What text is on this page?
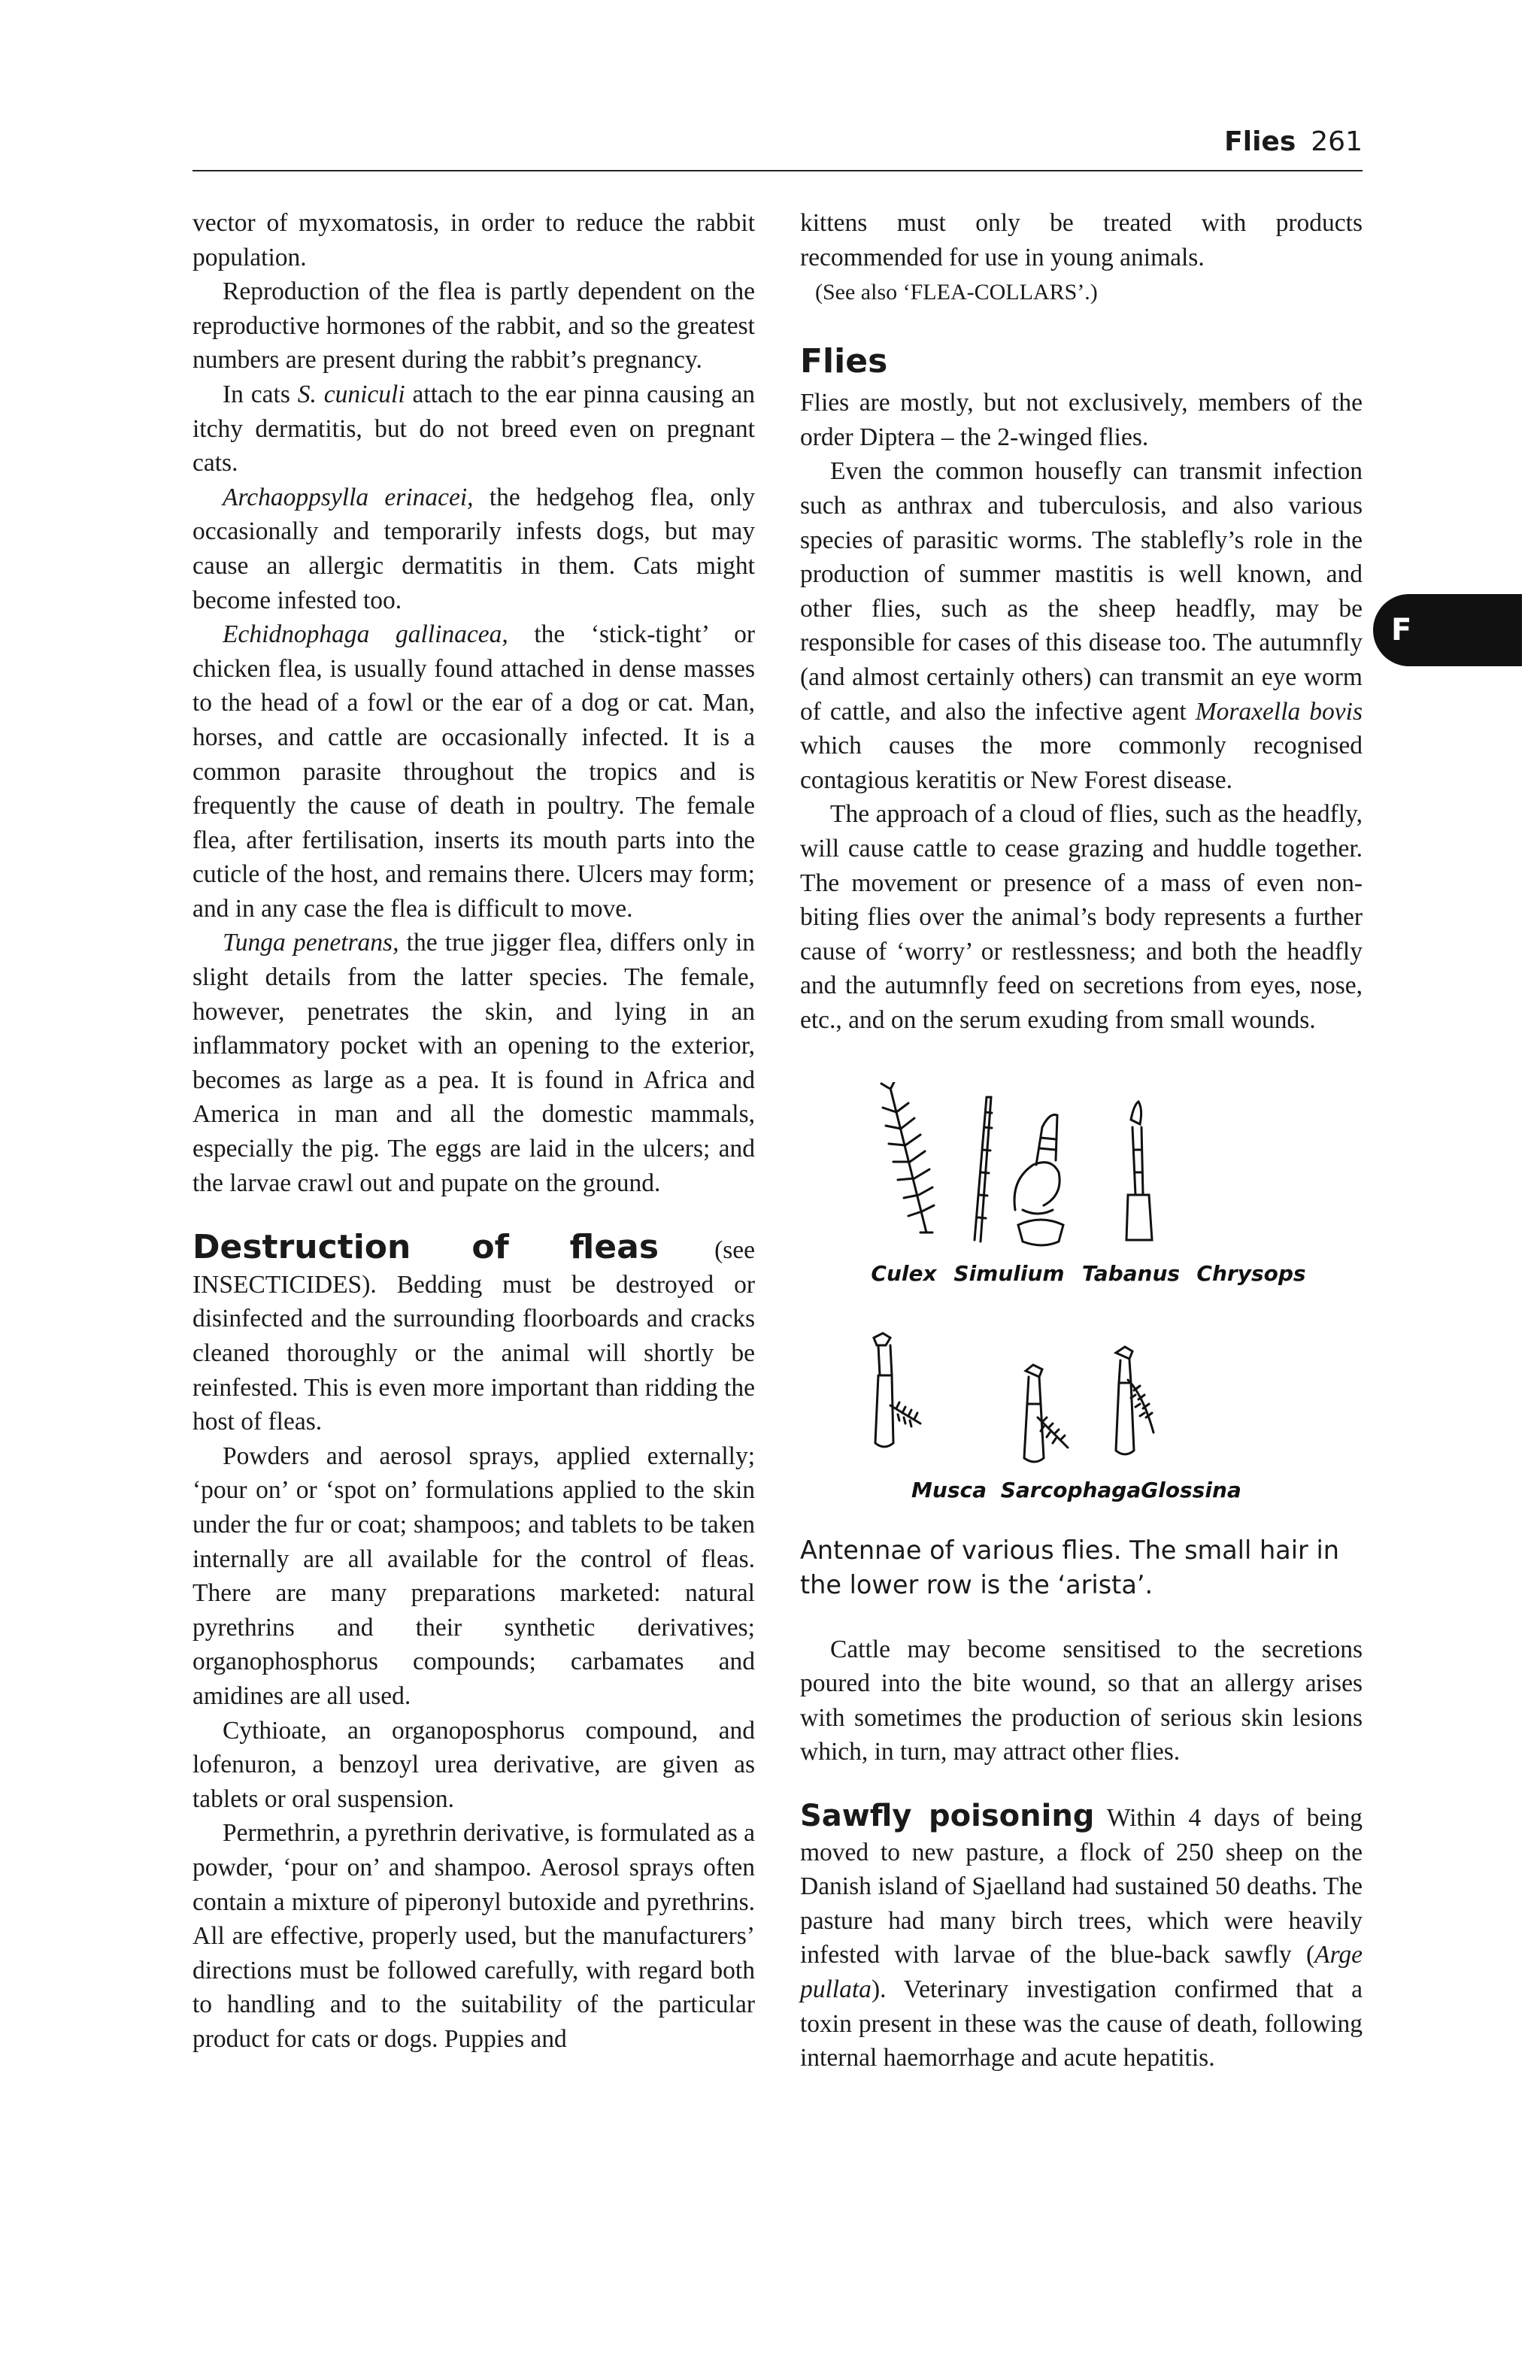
Flies 261
F

vector of myxomatosis, in order to reduce the rabbit population.

Reproduction of the flea is partly dependent on the reproductive hormones of the rabbit, and so the greatest numbers are present during the rabbit’s pregnancy.

In cats S. cuniculi attach to the ear pinna causing an itchy dermatitis, but do not breed even on pregnant cats.

Archaoppsylla erinacei, the hedgehog flea, only occasionally and temporarily infests dogs, but may cause an allergic dermatitis in them. Cats might become infested too.

Echidnophaga gallinacea, the ‘stick-tight’ or chicken flea, is usually found attached in dense masses to the head of a fowl or the ear of a dog or cat. Man, horses, and cattle are occasionally infected. It is a common parasite throughout the tropics and is frequently the cause of death in poultry. The female flea, after fertilisation, inserts its mouth parts into the cuticle of the host, and remains there. Ulcers may form; and in any case the flea is difficult to move.

Tunga penetrans, the true jigger flea, differs only in slight details from the latter species. The female, however, penetrates the skin, and lying in an inflammatory pocket with an opening to the exterior, becomes as large as a pea. It is found in Africa and America in man and all the domestic mammals, especially the pig. The eggs are laid in the ulcers; and the larvae crawl out and pupate on the ground.

Destruction of fleas (see INSECTICIDES). Bedding must be destroyed or disinfected and the surrounding floorboards and cracks cleaned thoroughly or the animal will shortly be reinfested. This is even more important than ridding the host of fleas.

Powders and aerosol sprays, applied externally; ‘pour on’ or ‘spot on’ formulations applied to the skin under the fur or coat; shampoos; and tablets to be taken internally are all available for the control of fleas. There are many preparations marketed: natural pyrethrins and their synthetic derivatives; organophosphorus compounds; carbamates and amidines are all used.

Cythioate, an organoposphorus compound, and lofenuron, a benzoyl urea derivative, are given as tablets or oral suspension.

Permethrin, a pyrethrin derivative, is formulated as a powder, ‘pour on’ and shampoo. Aerosol sprays often contain a mixture of piperonyl butoxide and pyrethrins. All are effective, properly used, but the manufacturers’ directions must be followed carefully, with regard both to handling and to the suitability of the particular product for cats or dogs. Puppies and

kittens must only be treated with products recommended for use in young animals.

(See also ‘FLEA-COLLARS’.)

Flies

Flies are mostly, but not exclusively, members of the order Diptera – the 2-winged flies.

Even the common housefly can transmit infection such as anthrax and tuberculosis, and also various species of parasitic worms. The stablefly’s role in the production of summer mastitis is well known, and other flies, such as the sheep headfly, may be responsible for cases of this disease too. The autumnfly (and almost certainly others) can transmit an eye worm of cattle, and also the infective agent Moraxella bovis which causes the more commonly recognised contagious keratitis or New Forest disease.

The approach of a cloud of flies, such as the headfly, will cause cattle to cease grazing and huddle together. The movement or presence of a mass of even non-biting flies over the animal’s body represents a further cause of ‘worry’ or restlessness; and both the headfly and the autumnfly feed on secretions from eyes, nose, etc., and on the serum exuding from small wounds.

Culex Simulium Tabanus Chrysops
Musca Sarcophaga Glossina

Antennae of various flies. The small hair in the lower row is the ‘arista’.

Cattle may become sensitised to the secretions poured into the bite wound, so that an allergy arises with sometimes the production of serious skin lesions which, in turn, may attract other flies.

Sawfly poisoning Within 4 days of being moved to new pasture, a flock of 250 sheep on the Danish island of Sjaelland had sustained 50 deaths. The pasture had many birch trees, which were heavily infested with larvae of the blue-back sawfly (Arge pullata). Veterinary investigation confirmed that a toxin present in these was the cause of death, following internal haemorrhage and acute hepatitis.
